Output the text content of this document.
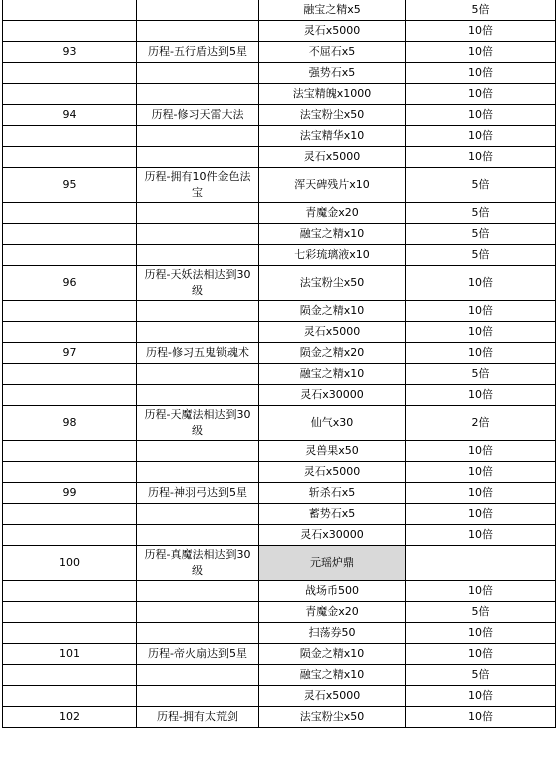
		融宝之精x5	5倍
		灵石x5000	10倍
93	历程-五行盾达到5星	不屈石x5	10倍
		强势石x5	10倍
		法宝精魄x1000	10倍
94	历程-修习天雷大法	法宝粉尘x50	10倍
		法宝精华x10	10倍
		灵石x5000	10倍
95	历程-拥有10件金色法宝	浑天碑残片x10	5倍
		青魔金x20	5倍
		融宝之精x10	5倍
		七彩琉璃液x10	5倍
96	历程-天妖法相达到30级	法宝粉尘x50	10倍
		陨金之精x10	10倍
		灵石x5000	10倍
97	历程-修习五鬼锁魂术	陨金之精x20	10倍
		融宝之精x10	5倍
		灵石x30000	10倍
98	历程-天魔法相达到30级	仙气x30	2倍
		灵兽果x50	10倍
		灵石x5000	10倍
99	历程-神羽弓达到5星	斩杀石x5	10倍
		蓄势石x5	10倍
		灵石x30000	10倍
100	历程-真魔法相达到30级	元瑶炉鼎	
		战场币500	10倍
		青魔金x20	5倍
		扫荡券50	10倍
101	历程-帝火扇达到5星	陨金之精x10	10倍
		融宝之精x10	5倍
		灵石x5000	10倍
102	历程-拥有太荒剑	法宝粉尘x50	10倍
